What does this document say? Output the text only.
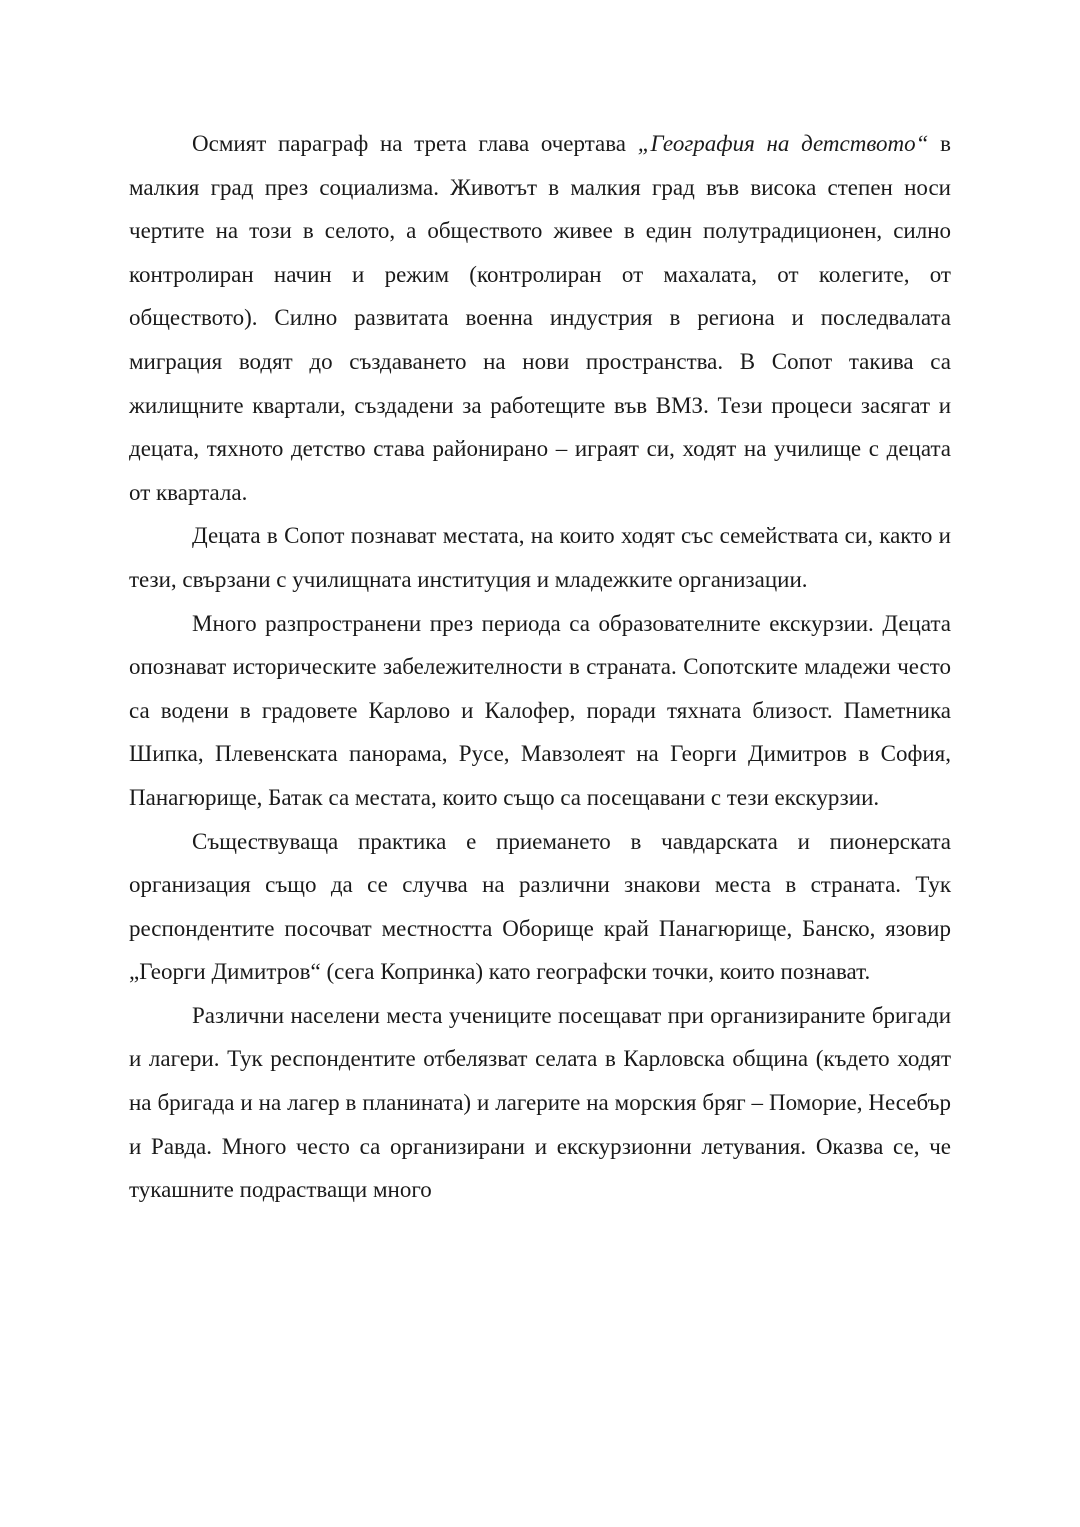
Осмият параграф на трета глава очертава „География на детството“ в малкия град през социализма. Животът в малкия град във висока степен носи чертите на този в селото, а обществото живее в един полутрадиционен, силно контролиран начин и режим (контролиран от махалата, от колегите, от обществото). Силно развитата военна индустрия в региона и последвалата миграция водят до създаването на нови пространства. В Сопот такива са жилищните квартали, създадени за работещите във ВМЗ. Тези процеси засягат и децата, тяхното детство става районирано – играят си, ходят на училище с децата от квартала.

Децата в Сопот познават местата, на които ходят със семействата си, както и тези, свързани с училищната институция и младежките организации.

Много разпространени през периода са образователните екскурзии. Децата опознават историческите забележителности в страната. Сопотските младежи често са водени в градовете Карлово и Калофер, поради тяхната близост. Паметника Шипка, Плевенската панорама, Русе, Мавзолеят на Георги Димитров в София, Панагюрище, Батак са местата, които също са посещавани с тези екскурзии.

Съществуваща практика е приемането в чавдарската и пионерската организация също да се случва на различни знакови места в страната. Тук респондентите посочват местността Оборище край Панагюрище, Банско, язовир „Георги Димитров“ (сега Копринка) като географски точки, които познават.

Различни населени места учениците посещават при организираните бригади и лагери. Тук респондентите отбелязват селата в Карловска община (където ходят на бригада и на лагер в планината) и лагерите на морския бряг – Поморие, Несебър и Равда. Много често са организирани и екскурзионни летувания. Оказва се, че тукашните подрастващи много
